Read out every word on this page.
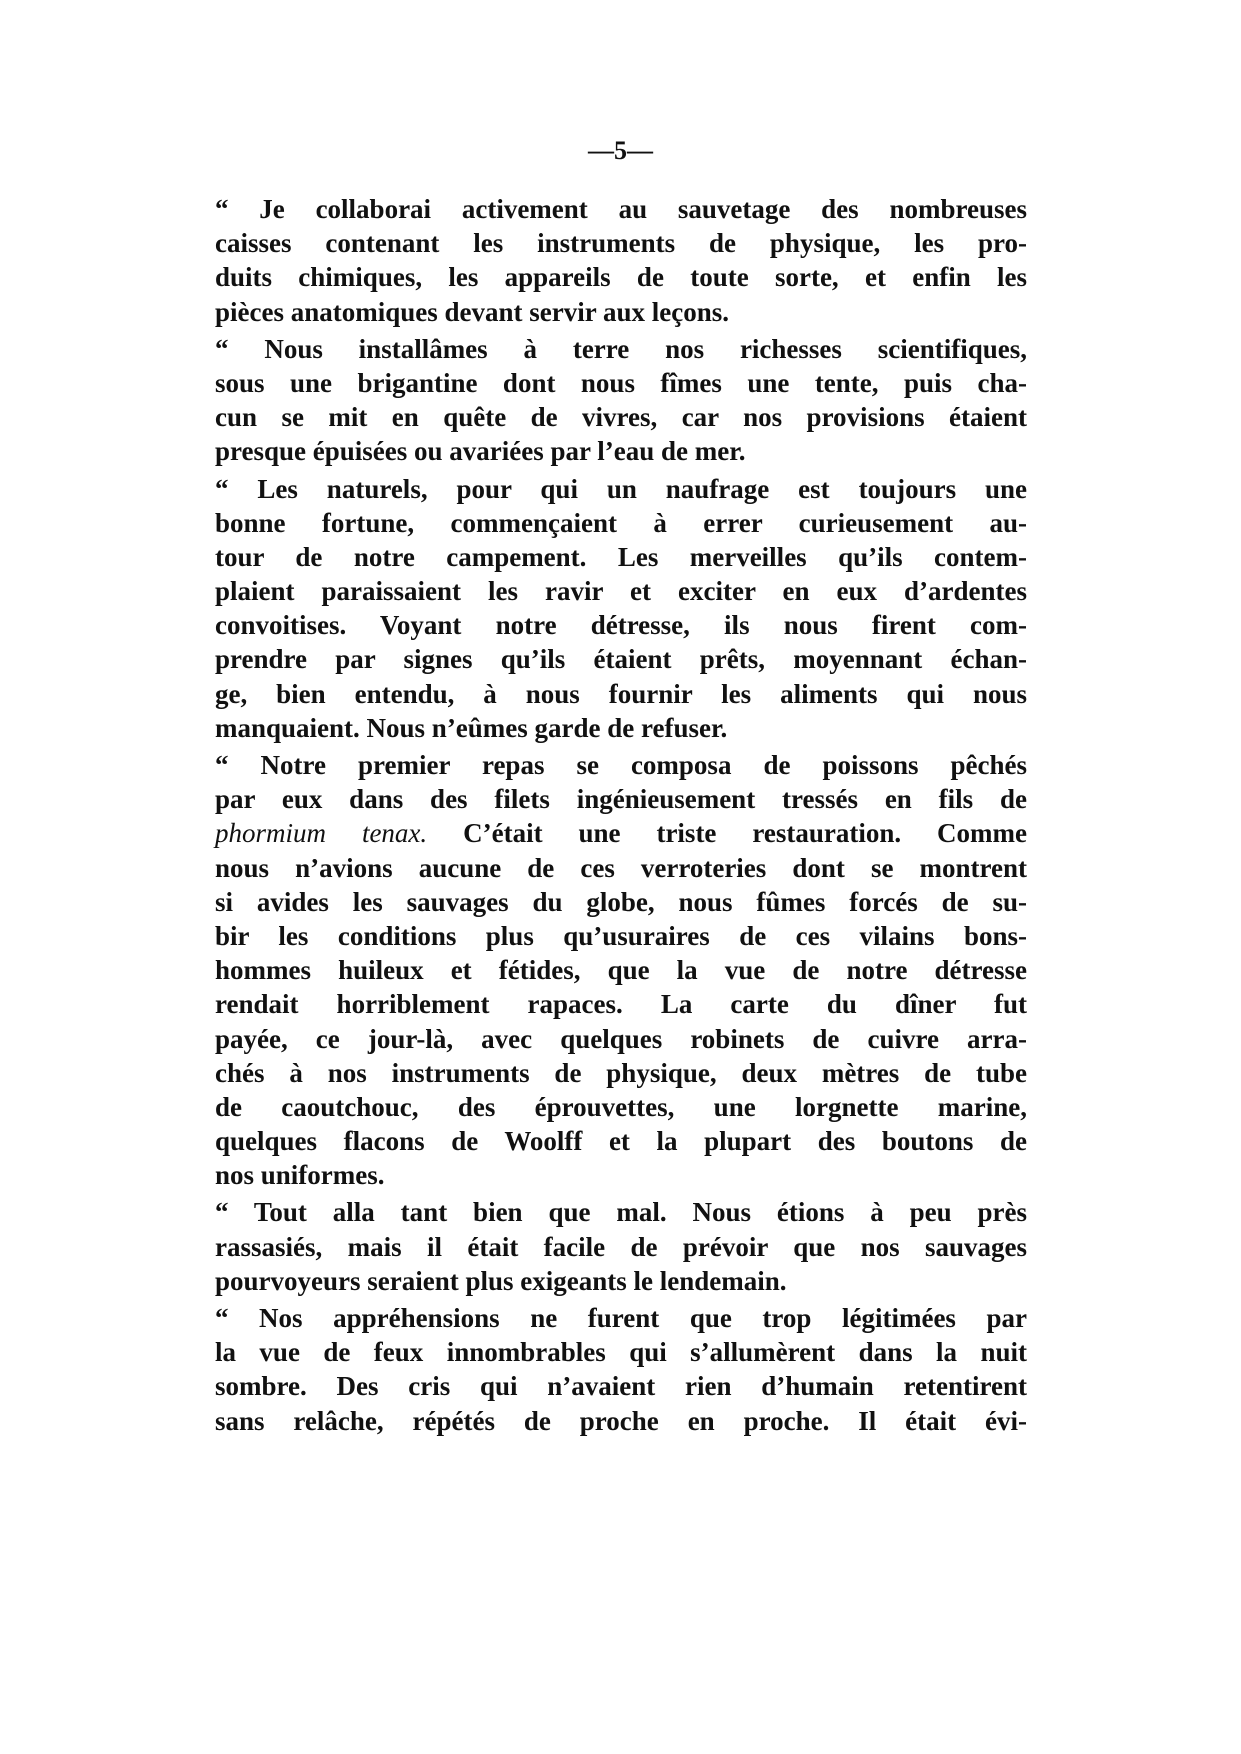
—5—
“ Je collaborai activement au sauvetage des nombreuses
caisses contenant les instruments de physique, les pro-
duits chimiques, les appareils de toute sorte, et enfin les
pièces anatomiques devant servir aux leçons.
“ Nous installâmes à terre nos richesses scientifiques,
sous une brigantine dont nous fîmes une tente, puis cha-
cun se mit en quête de vivres, car nos provisions étaient
presque épuisées ou avariées par l’eau de mer.
“ Les naturels, pour qui un naufrage est toujours une
bonne fortune, commençaient à errer curieusement au-
tour de notre campement. Les merveilles qu’ils contem-
plaient paraissaient les ravir et exciter en eux d’ardentes
convoitises. Voyant notre détresse, ils nous firent com-
prendre par signes qu’ils étaient prêts, moyennant échan-
ge, bien entendu, à nous fournir les aliments qui nous
manquaient. Nous n’eûmes garde de refuser.
“ Notre premier repas se composa de poissons pêchés
par eux dans des filets ingénieusement tressés en fils de
phormium tenax. C’était une triste restauration. Comme
nous n’avions aucune de ces verroteries dont se montrent
si avides les sauvages du globe, nous fûmes forcés de su-
bir les conditions plus qu’usuraires de ces vilains bons-
hommes huileux et fétides, que la vue de notre détresse
rendait horriblement rapaces. La carte du dîner fut
payée, ce jour-là, avec quelques robinets de cuivre arra-
chés à nos instruments de physique, deux mètres de tube
de caoutchouc, des éprouvettes, une lorgnette marine,
quelques flacons de Woolff et la plupart des boutons de
nos uniformes.
“ Tout alla tant bien que mal. Nous étions à peu près
rassasiés, mais il était facile de prévoir que nos sauvages
pourvoyeurs seraient plus exigeants le lendemain.
“ Nos appréhensions ne furent que trop légitimées par
la vue de feux innombrables qui s’allumèrent dans la nuit
sombre. Des cris qui n’avaient rien d’humain retentirent
sans relâche, répétés de proche en proche. Il était évi-
